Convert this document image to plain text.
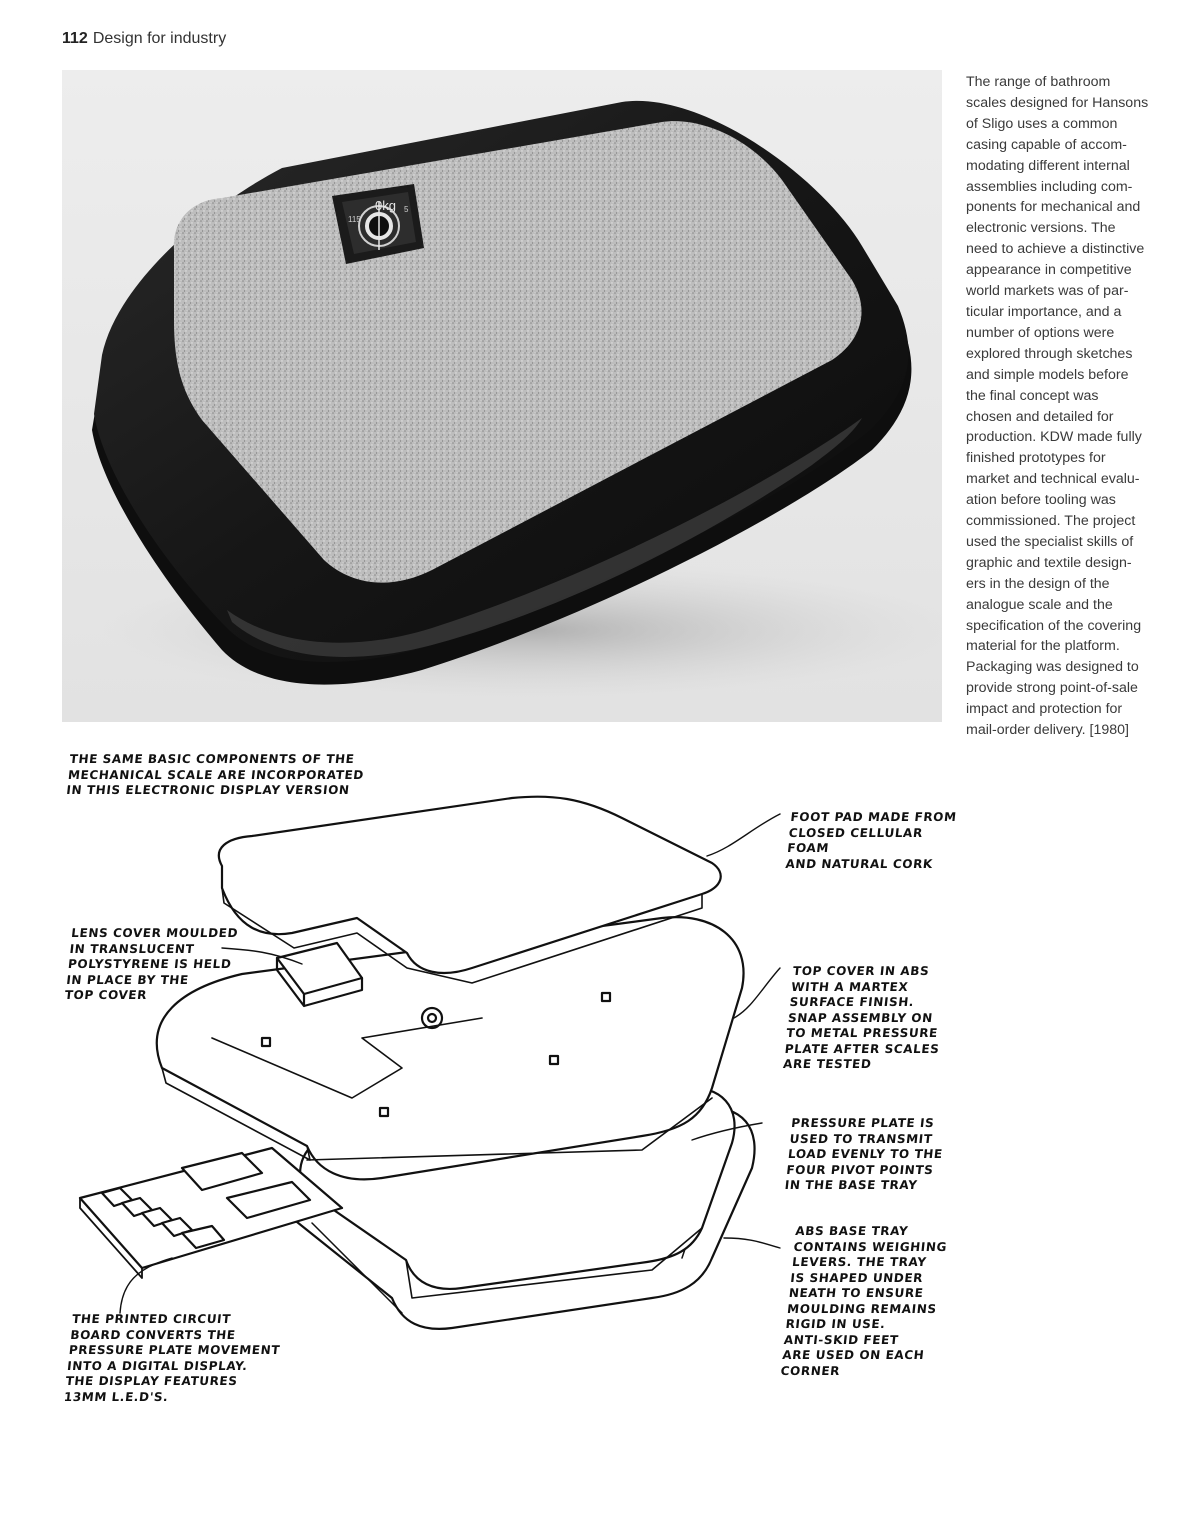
112 Design for industry
0kg
115
5
The range of bathroom
scales designed for Hansons
of Sligo uses a common
casing capable of accom-
modating different internal
assemblies including com-
ponents for mechanical and
electronic versions. The
need to achieve a distinctive
appearance in competitive
world markets was of par-
ticular importance, and a
number of options were
explored through sketches
and simple models before
the final concept was
chosen and detailed for
production. KDW made fully
finished prototypes for
market and technical evalu-
ation before tooling was
commissioned. The project
used the specialist skills of
graphic and textile design-
ers in the design of the
analogue scale and the
specification of the covering
material for the platform.
Packaging was designed to
provide strong point-of-sale
impact and protection for
mail-order delivery. [1980]
THE SAME BASIC COMPONENTS OF THE
MECHANICAL SCALE ARE INCORPORATED
IN THIS ELECTRONIC DISPLAY VERSION
FOOT PAD MADE FROM
CLOSED CELLULAR FOAM
AND NATURAL CORK
LENS COVER MOULDED
IN TRANSLUCENT
POLYSTYRENE IS HELD
IN PLACE BY THE
TOP COVER
TOP COVER IN ABS
WITH A MARTEX
SURFACE FINISH.
SNAP ASSEMBLY ON
TO METAL PRESSURE
PLATE AFTER SCALES
ARE TESTED
PRESSURE PLATE IS
USED TO TRANSMIT
LOAD EVENLY TO THE
FOUR PIVOT POINTS
IN THE BASE TRAY
ABS BASE TRAY
CONTAINS WEIGHING
LEVERS. THE TRAY
IS SHAPED UNDER
NEATH TO ENSURE
MOULDING REMAINS
RIGID IN USE.
ANTI-SKID FEET
ARE USED ON EACH
CORNER
THE PRINTED CIRCUIT
BOARD CONVERTS THE
PRESSURE PLATE MOVEMENT
INTO A DIGITAL DISPLAY.
THE DISPLAY FEATURES
13MM L.E.D'S.
